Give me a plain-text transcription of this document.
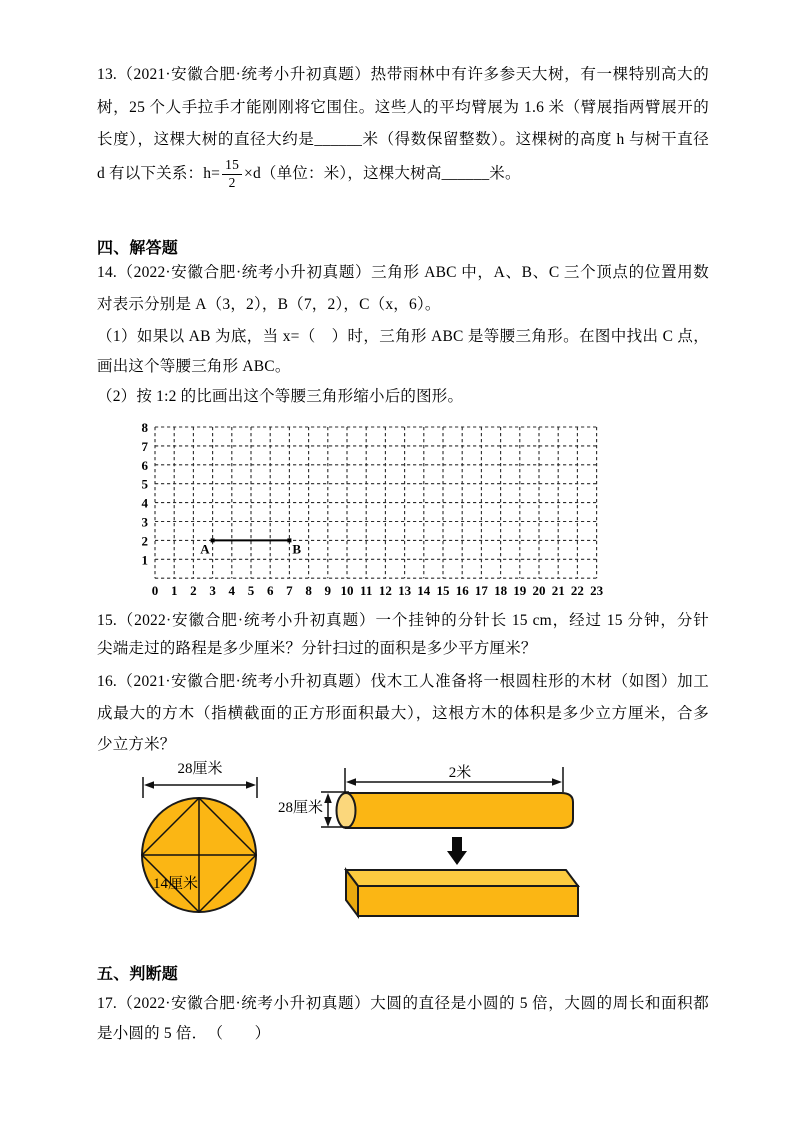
13.（2021·安徽合肥·统考小升初真题）热带雨林中有许多参天大树，有一棵特别高大的
树，25 个人手拉手才能刚刚将它围住。这些人的平均臂展为 1.6 米（臂展指两臂展开的
长度），这棵大树的直径大约是______米（得数保留整数）。这棵树的高度 h 与树干直径
d 有以下关系：$h= \frac{15}{2} \times d$（单位：米），这棵大树高______米。
四、解答题
14.（2022·安徽合肥·统考小升初真题）三角形 ABC 中，A、B、C 三个顶点的位置用数
对表示分别是 A（3，2），B（7，2），C（x，6）。
（1）如果以 AB 为底，当 x=（　）时，三角形 ABC 是等腰三角形。在图中找出 C 点，
画出这个等腰三角形 ABC。
（2）按 1:2 的比画出这个等腰三角形缩小后的图形。
8
7
6
5
4
3
2
1
0 1 2 3 4 5 6 7 8 9 10 11 12 13 14 15 16 17 18 19 20 21 22 23
A	B
15.（2022·安徽合肥·统考小升初真题）一个挂钟的分针长 15 cm，经过 15 分钟，分针
尖端走过的路程是多少厘米？分针扫过的面积是多少平方厘米？
16.（2021·安徽合肥·统考小升初真题）伐木工人准备将一根圆柱形的木材（如图）加工
成最大的方木（指横截面的正方形面积最大），这根方木的体积是多少立方厘米，合多
少立方米？
28厘米
14厘米
2米
28厘米
五、判断题
17.（2022·安徽合肥·统考小升初真题）大圆的直径是小圆的 5 倍，大圆的周长和面积都
是小圆的 5 倍．　（　　）
